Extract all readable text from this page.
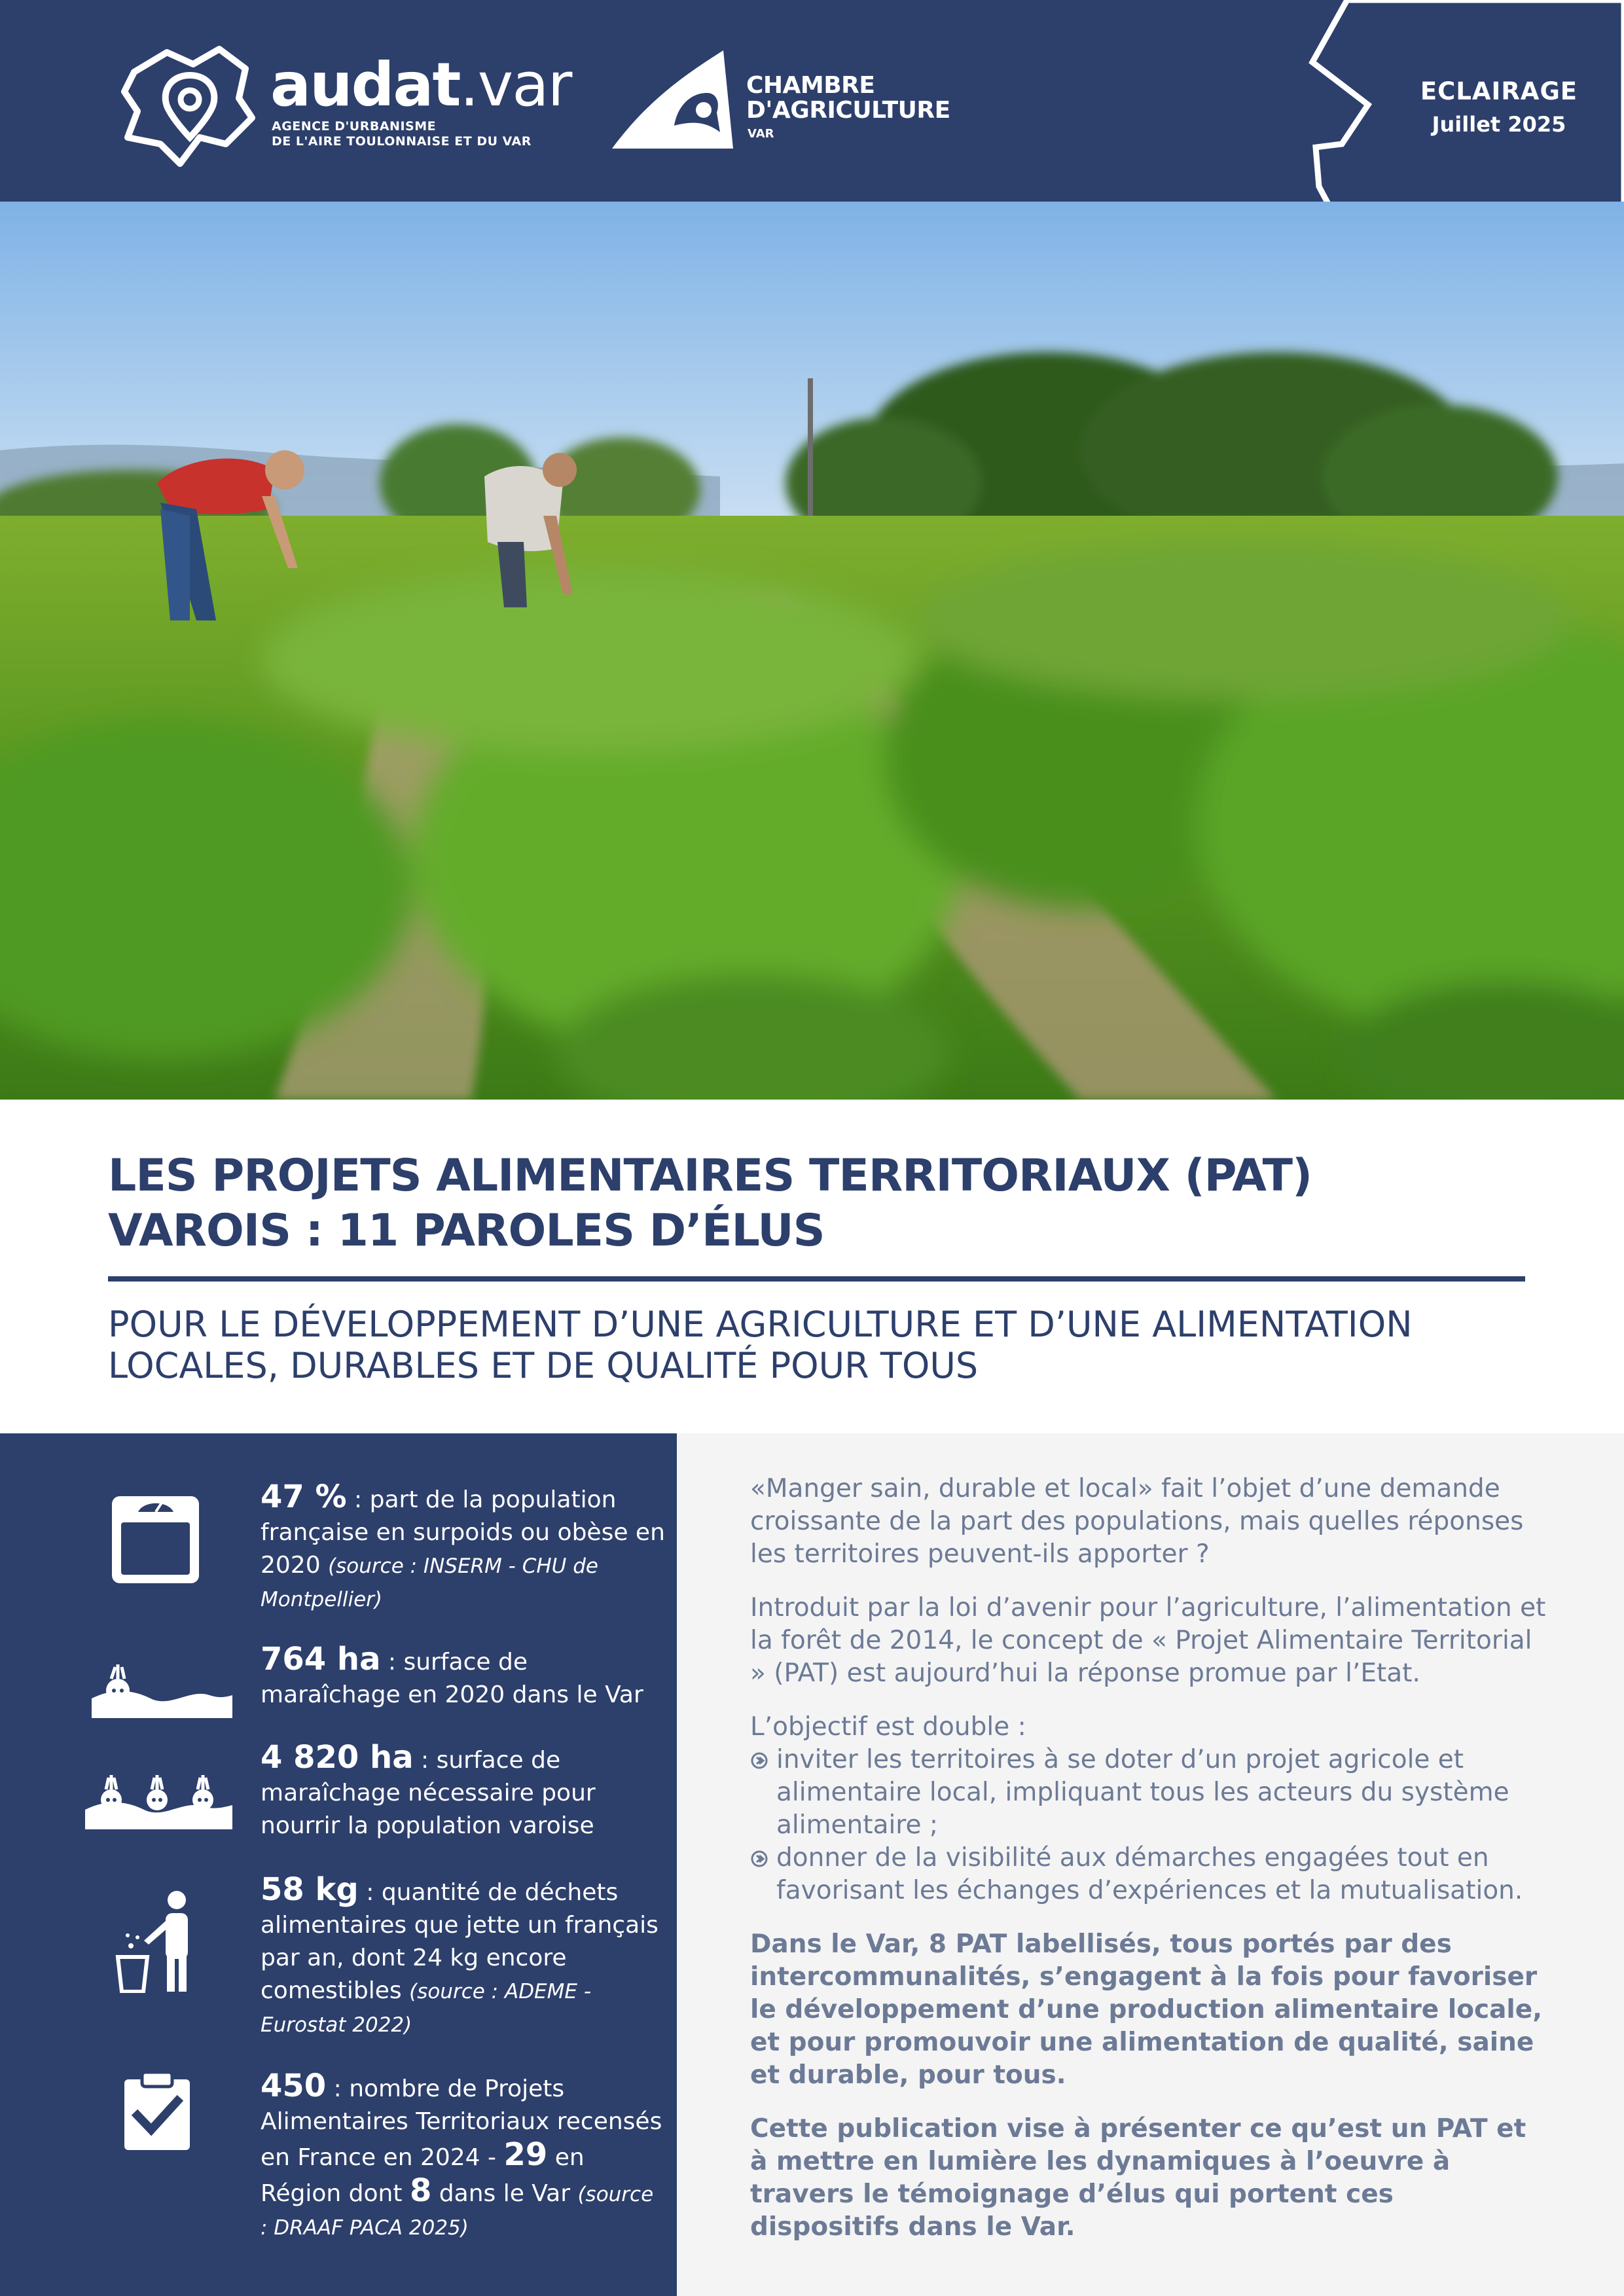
audat.var
AGENCE D'URBANISME
DE L'AIRE TOULONNAISE ET DU VAR
CHAMBRE
D'AGRICULTURE
VAR
ECLAIRAGE
Juillet 2025
LES PROJETS ALIMENTAIRES TERRITORIAUX (PAT)
VAROIS : 11 PAROLES D’ÉLUS
POUR LE DÉVELOPPEMENT D’UNE AGRICULTURE ET D’UNE ALIMENTATION
LOCALES, DURABLES ET DE QUALITÉ POUR TOUS
47 % : part de la population française en surpoids ou obèse en 2020 (source : INSERM - CHU de Montpellier)
764 ha : surface de maraîchage en 2020 dans le Var
4 820 ha : surface de maraîchage nécessaire pour nourrir la population varoise
58 kg : quantité de déchets alimentaires que jette un français par an, dont 24 kg encore comestibles (source : ADEME - Eurostat 2022)
450 : nombre de Projets Alimentaires Territoriaux recensés en France en 2024 - 29 en Région dont 8 dans le Var (source : DRAAF PACA 2025)

«Manger sain, durable et local» fait l’objet d’une demande croissante de la part des populations, mais quelles réponses les territoires peuvent-ils apporter ?

Introduit par la loi d’avenir pour l’agriculture, l’alimentation et la forêt de 2014, le concept de « Projet Alimentaire Territorial » (PAT) est aujourd’hui la réponse promue par l’Etat.

L’objectif est double :

inviter les territoires à se doter d’un projet agricole et alimentaire local, impliquant tous les acteurs du système alimentaire ;
donner de la visibilité aux démarches engagées tout en favorisant les échanges d’expériences et la mutualisation.

Dans le Var, 8 PAT labellisés, tous portés par des intercommunalités, s’engagent à la fois pour favoriser le développement d’une production alimentaire locale, et pour promouvoir une alimentation de qualité, saine et durable, pour tous.

Cette publication vise à présenter ce qu’est un PAT et à mettre en lumière les dynamiques à l’oeuvre à travers le témoignage d’élus qui portent ces dispositifs dans le Var.
